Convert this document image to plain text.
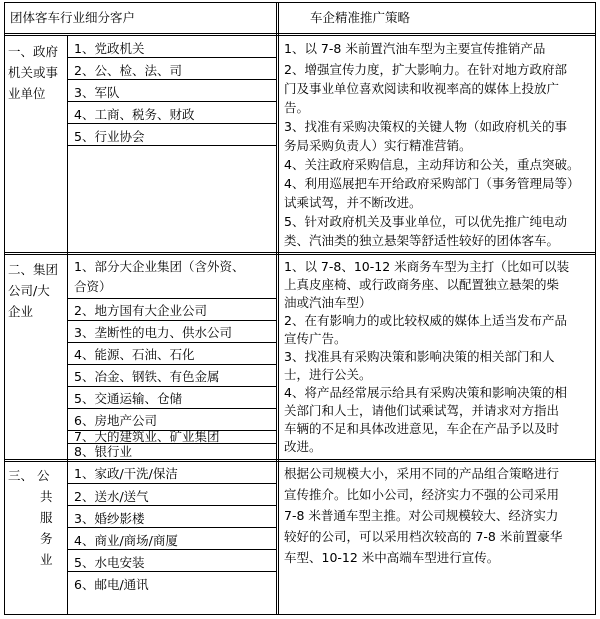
团体客车行业细分客户	车企精准推广策略
一、政府
机关或事
业单位
1、党政机关
2、公、检、法、司
3、军队
4、工商、税务、财政
5、行业协会
1、以 7-8 米前置汽油车型为主要宣传推销产品
2、增强宣传力度，扩大影响力。在针对地方政府部
门及事业单位喜欢阅读和收视率高的媒体上投放广
告。
3、找准有采购决策权的关键人物（如政府机关的事
务局采购负责人）实行精准营销。
4、关注政府采购信息，主动拜访和公关，重点突破。
4、利用巡展把车开给政府采购部门（事务管理局等）
试乘试驾，并不断改进。
5、针对政府机关及事业单位，可以优先推广纯电动
类、汽油类的独立悬架等舒适性较好的团体客车。
二、集团
公司/大
企业
1、部分大企业集团（含外资、
合资）
2、地方国有大企业公司
3、垄断性的电力、供水公司
4、能源、石油、石化
5、冶金、钢铁、有色金属
5、交通运输、仓储
6、房地产公司
7、大的建筑业、矿业集团
8、银行业
1、以 7-8、10-12 米商务车型为主打（比如可以装
上真皮座椅、或行政商务座、以配置独立悬架的柴
油或汽油车型）
2、在有影响力的或比较权威的媒体上适当发布产品
宣传广告。
3、找准具有采购决策和影响决策的相关部门和人
士，进行公关。
4、将产品经常展示给具有采购决策和影响决策的相
关部门和人士，请他们试乘试驾，并请求对方指出
车辆的不足和具体改进意见，车企在产品予以及时
改进。
三、 公
共
服
务
业
1、家政/干洗/保洁
2、送水/送气
3、婚纱影楼
4、商业/商场/商厦
5、水电安装
6、邮电/通讯
根据公司规模大小，采用不同的产品组合策略进行
宣传推介。比如小公司，经济实力不强的公司采用
7-8 米普通车型主推。对公司规模较大、经济实力
较好的公司，可以采用档次较高的 7-8 米前置豪华
车型、10-12 米中高端车型进行宣传。
